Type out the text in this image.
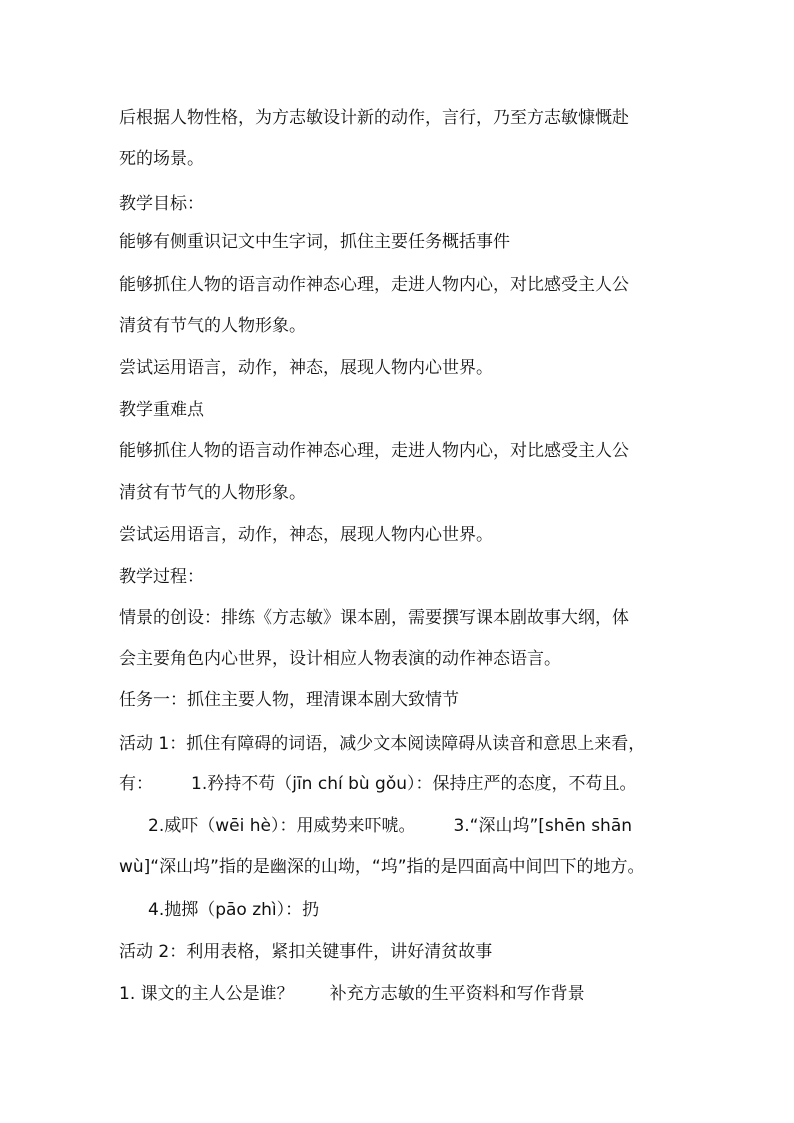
后根据人物性格，为方志敏设计新的动作，言行，乃至方志敏慷慨赴
死的场景。
教学目标：
能够有侧重识记文中生字词，抓住主要任务概括事件
能够抓住人物的语言动作神态心理，走进人物内心，对比感受主人公
清贫有节气的人物形象。
尝试运用语言，动作，神态，展现人物内心世界。
教学重难点
能够抓住人物的语言动作神态心理，走进人物内心，对比感受主人公
清贫有节气的人物形象。
尝试运用语言，动作，神态，展现人物内心世界。
教学过程：
情景的创设：排练《方志敏》课本剧，需要撰写课本剧故事大纲，体
会主要角色内心世界，设计相应人物表演的动作神态语言。
任务一：抓住主要人物，理清课本剧大致情节
活动 1：抓住有障碍的词语，减少文本阅读障碍从读音和意思上来看，
有： 1.矜持不苟（jīn chí bù gǒu）：保持庄严的态度，不苟且。
2.威吓（wēi hè）：用威势来吓唬。 3.“深山坞”[shēn shān
wù]“深山坞”指的是幽深的山坳，“坞”指的是四面高中间凹下的地方。
4.抛掷（pāo zhì）：扔
活动 2：利用表格，紧扣关键事件，讲好清贫故事
1. 课文的主人公是谁？ 补充方志敏的生平资料和写作背景
